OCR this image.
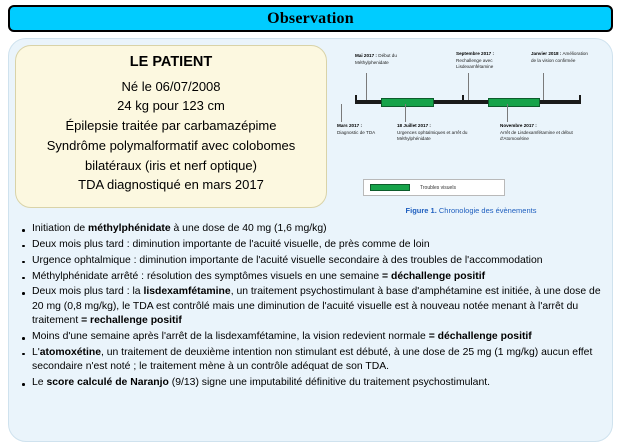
Observation
LE PATIENT
Né le 06/07/2008
24 kg pour 123 cm
Épilepsie traitée par carbamazépime
Syndrôme polymalformatif avec colobomes bilatéraux (iris et nerf optique)
TDA diagnostiqué en mars 2017
Mai 2017 : Début du Méthylphenidate
Septembre 2017 : Rechallenge avec Lisdexamfétamine
Janvier 2018 : Amélioration de la vision confirmée
Mars 2017 :
Diagnostic de TDA
18 Juillet 2017 :
Urgences ophtalmiques et arrêt du Méthylphénidate
Novembre 2017 :
Arrêt de Lisdexamfétamine et début d'Atomoxétine
Troubles visuels
Figure 1. Chronologie des évènements
Initiation de méthylphénidate à une dose de 40 mg (1,6 mg/kg)
Deux mois plus tard : diminution importante de l'acuité visuelle, de près comme de loin
Urgence ophtalmique : diminution importante de l'acuité visuelle secondaire à des troubles de l'accommodation
Méthylphénidate arrêté : résolution des symptômes visuels en une semaine = déchallenge positif
Deux mois plus tard : la lisdexamfétamine, un traitement psychostimulant à base d'amphétamine est initiée, à une dose de 20 mg (0,8 mg/kg), le TDA est contrôlé mais une diminution de l'acuité visuelle est à nouveau notée menant à l'arrêt du traitement = rechallenge positif
Moins d'une semaine après l'arrêt de la lisdexamfétamine, la vision redevient normale = déchallenge positif
L'atomoxétine, un traitement de deuxième intention non stimulant est débuté, à une dose de 25 mg (1 mg/kg) aucun effet secondaire n'est noté ; le traitement mène à un contrôle adéquat de son TDA.
Le score calculé de Naranjo (9/13) signe une imputabilité définitive du traitement psychostimulant.
